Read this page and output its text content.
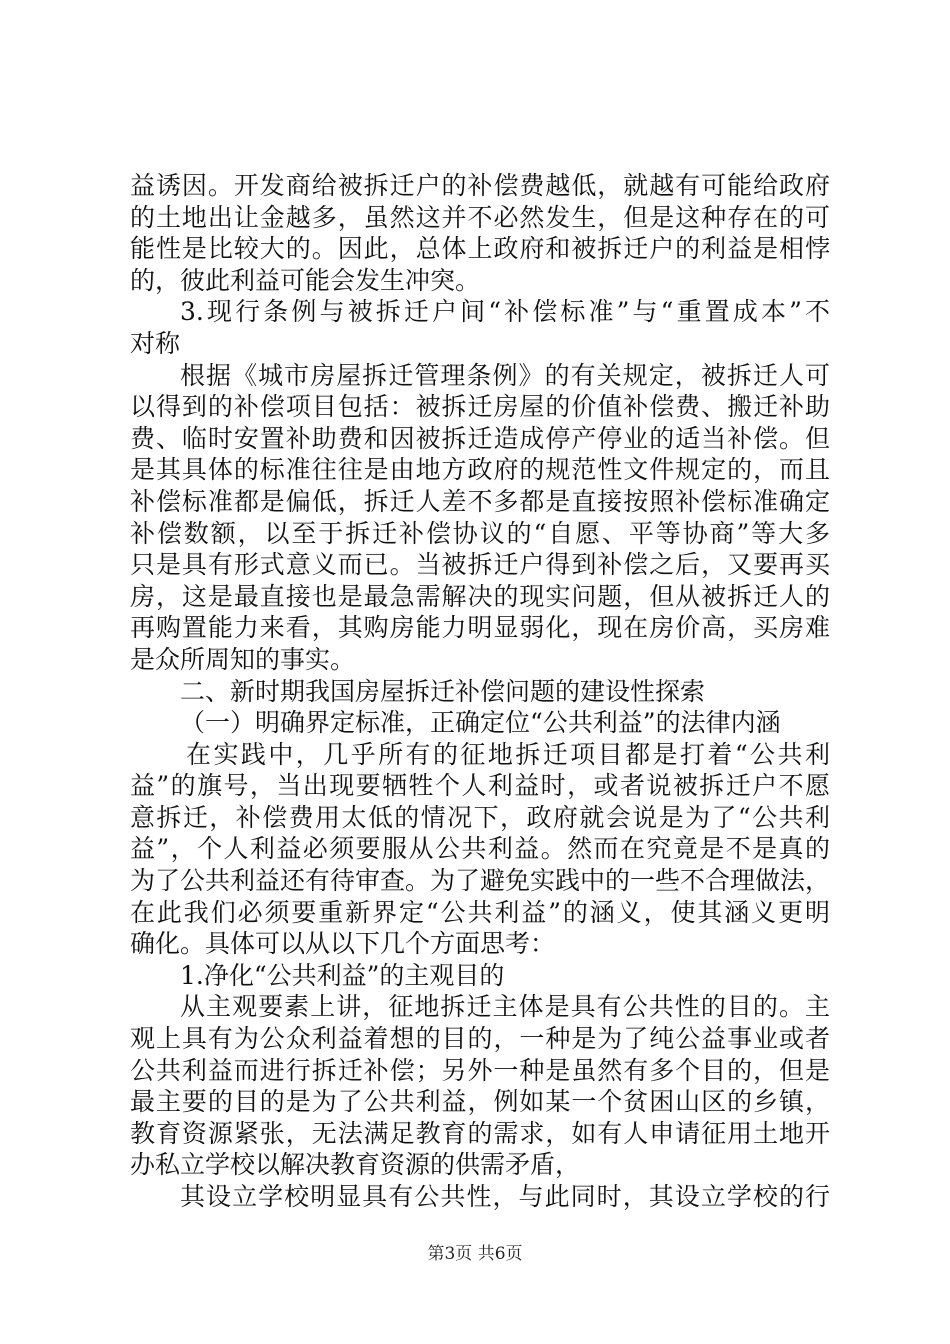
益诱因。开发商给被拆迁户的补偿费越低，就越有可能给政府
的土地出让金越多，虽然这并不必然发生，但是这种存在的可
能性是比较大的。因此，总体上政府和被拆迁户的利益是相悖
的，彼此利益可能会发生冲突。
3.现行条例与被拆迁户间“补偿标准”与“重置成本”不
对称
根据《城市房屋拆迁管理条例》的有关规定，被拆迁人可
以得到的补偿项目包括：被拆迁房屋的价值补偿费、搬迁补助
费、临时安置补助费和因被拆迁造成停产停业的适当补偿。但
是其具体的标准往往是由地方政府的规范性文件规定的，而且
补偿标准都是偏低，拆迁人差不多都是直接按照补偿标准确定
补偿数额，以至于拆迁补偿协议的“自愿、平等协商”等大多
只是具有形式意义而已。当被拆迁户得到补偿之后，又要再买
房，这是最直接也是最急需解决的现实问题，但从被拆迁人的
再购置能力来看，其购房能力明显弱化，现在房价高，买房难
是众所周知的事实。
二、新时期我国房屋拆迁补偿问题的建设性探索
（一）明确界定标准，正确定位“公共利益”的法律内涵
在实践中，几乎所有的征地拆迁项目都是打着“公共利
益”的旗号，当出现要牺牲个人利益时，或者说被拆迁户不愿
意拆迁，补偿费用太低的情况下，政府就会说是为了“公共利
益”，个人利益必须要服从公共利益。然而在究竟是不是真的
为了公共利益还有待审查。为了避免实践中的一些不合理做法，
在此我们必须要重新界定“公共利益”的涵义，使其涵义更明
确化。具体可以从以下几个方面思考：
1.净化“公共利益”的主观目的
从主观要素上讲，征地拆迁主体是具有公共性的目的。主
观上具有为公众利益着想的目的，一种是为了纯公益事业或者
公共利益而进行拆迁补偿；另外一种是虽然有多个目的，但是
最主要的目的是为了公共利益，例如某一个贫困山区的乡镇，
教育资源紧张，无法满足教育的需求，如有人申请征用土地开
办私立学校以解决教育资源的供需矛盾，
其设立学校明显具有公共性，与此同时，其设立学校的行
第3页 共6页
